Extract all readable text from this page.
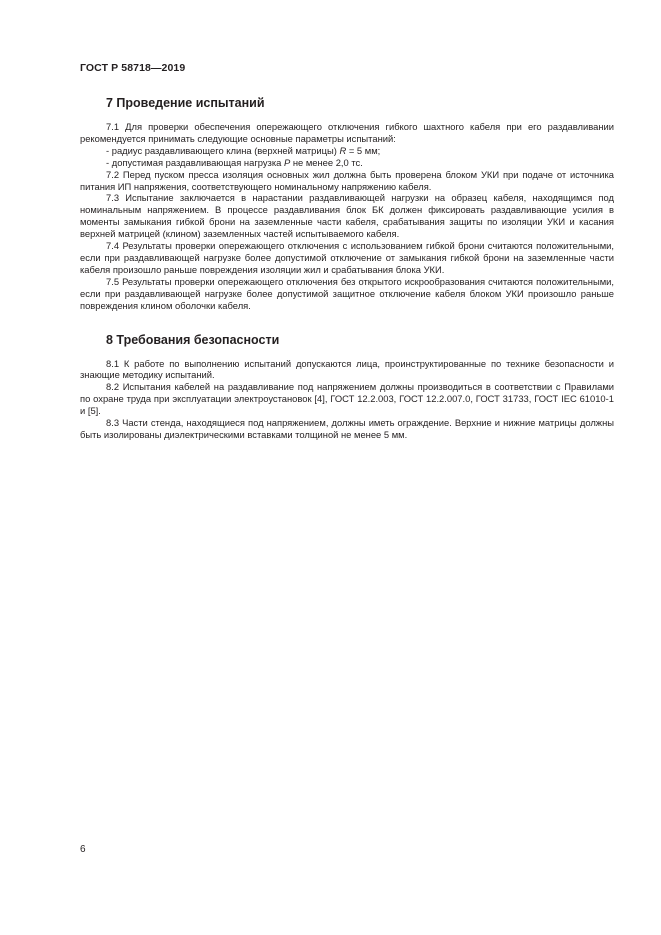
ГОСТ Р 58718—2019
7 Проведение испытаний

7.1 Для проверки обеспечения опережающего отключения гибкого шахтного кабеля при его раздавливании рекомендуется принимать следующие основные параметры испытаний:

- радиус раздавливающего клина (верхней матрицы) R = 5 мм;

- допустимая раздавливающая нагрузка P не менее 2,0 тс.

7.2 Перед пуском пресса изоляция основных жил должна быть проверена блоком УКИ при подаче от источника питания ИП напряжения, соответствующего номинальному напряжению кабеля.

7.3 Испытание заключается в нарастании раздавливающей нагрузки на образец кабеля, находящимся под номинальным напряжением. В процессе раздавливания блок БК должен фиксировать раздавливающие усилия в моменты замыкания гибкой брони на заземленные части кабеля, срабатывания защиты по изоляции УКИ и касания верхней матрицей (клином) заземленных частей испытываемого кабеля.

7.4 Результаты проверки опережающего отключения с использованием гибкой брони считаются положительными, если при раздавливающей нагрузке более допустимой отключение от замыкания гибкой брони на заземленные части кабеля произошло раньше повреждения изоляции жил и срабатывания блока УКИ.

7.5 Результаты проверки опережающего отключения без открытого искрообразования считаются положительными, если при раздавливающей нагрузке более допустимой защитное отключение кабеля блоком УКИ произошло раньше повреждения клином оболочки кабеля.

8 Требования безопасности

8.1 К работе по выполнению испытаний допускаются лица, проинструктированные по технике безопасности и знающие методику испытаний.

8.2 Испытания кабелей на раздавливание под напряжением должны производиться в соответствии с Правилами по охране труда при эксплуатации электроустановок [4], ГОСТ 12.2.003, ГОСТ 12.2.007.0, ГОСТ 31733, ГОСТ IEC 61010-1 и [5].

8.3 Части стенда, находящиеся под напряжением, должны иметь ограждение. Верхние и нижние матрицы должны быть изолированы диэлектрическими вставками толщиной не менее 5 мм.

6
